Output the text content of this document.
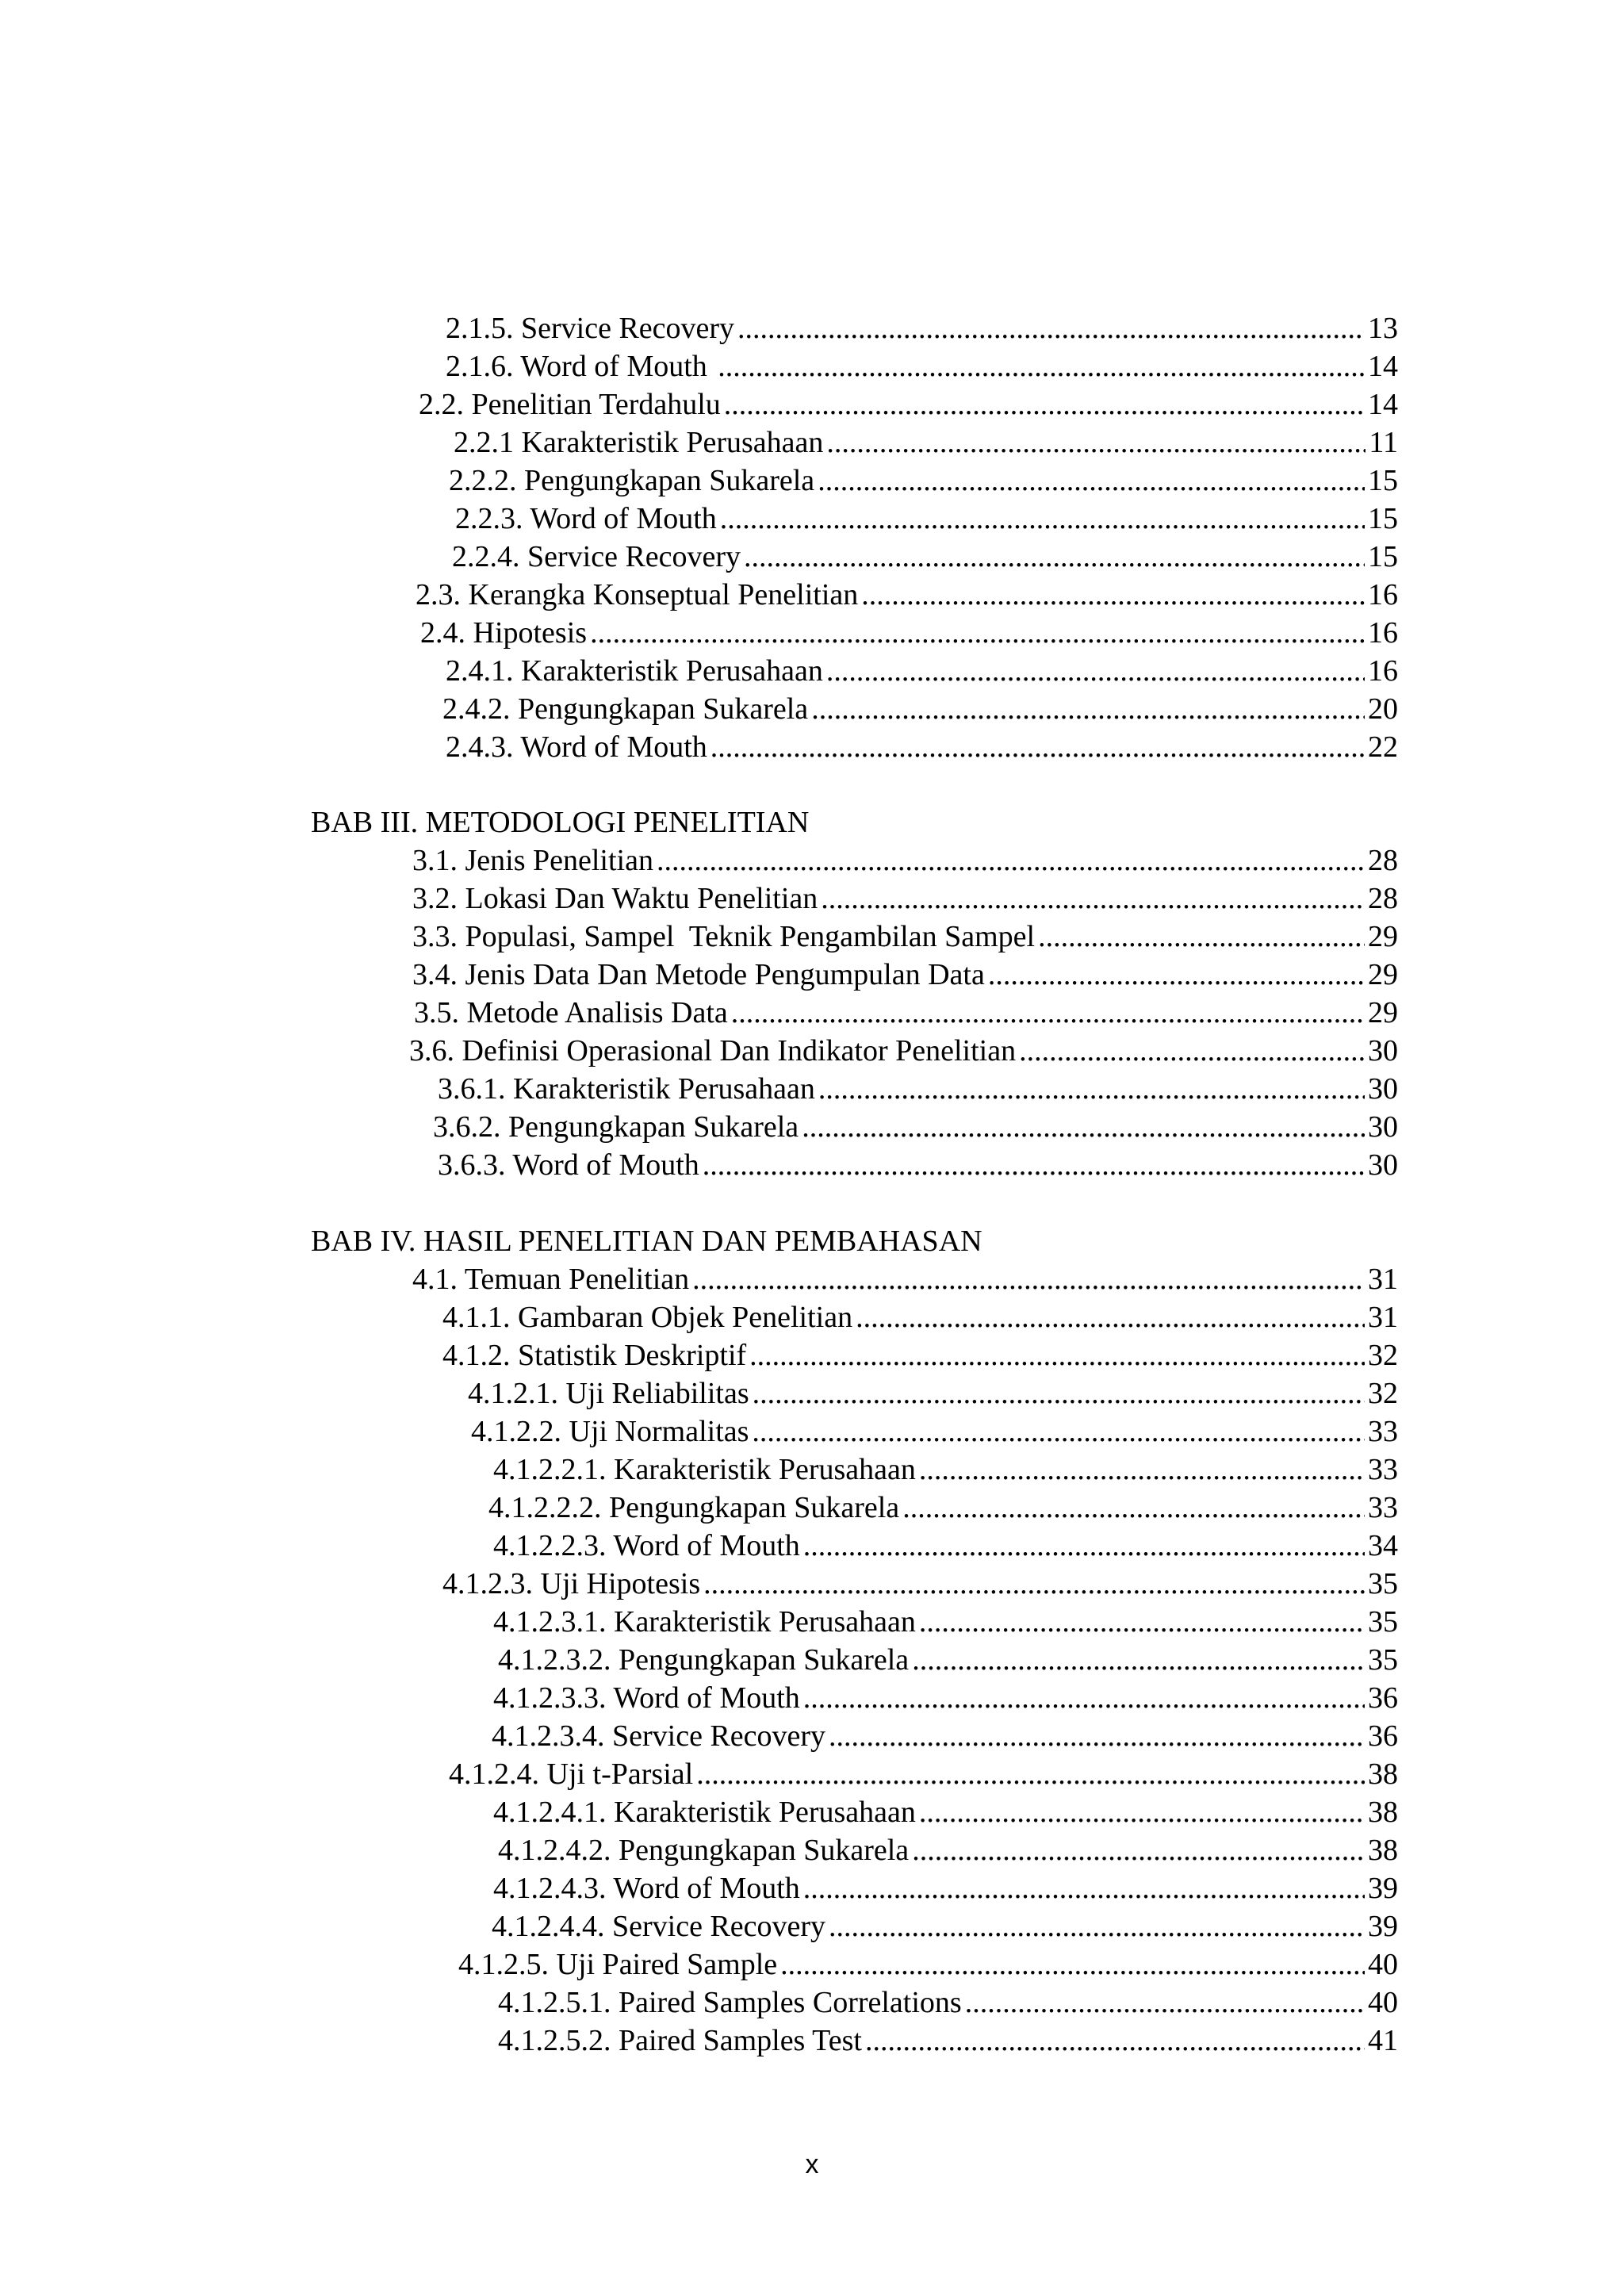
2.1.5. Service Recovery .....	13
2.1.6. Word of Mouth .....	14
2.2. Penelitian Terdahulu .....	14
2.2.1 Karakteristik Perusahaan .....	11
2.2.2. Pengungkapan Sukarela .....	15
2.2.3. Word of Mouth .....	15
2.2.4. Service Recovery .....	15
2.3. Kerangka Konseptual Penelitian .....	16
2.4. Hipotesis .....	16
2.4.1. Karakteristik Perusahaan .....	16
2.4.2. Pengungkapan Sukarela .....	20
2.4.3. Word of Mouth .....	22
BAB III. METODOLOGI PENELITIAN
3.1. Jenis Penelitian .....	28
3.2. Lokasi Dan Waktu Penelitian .....	28
3.3. Populasi, Sampel  Teknik Pengambilan Sampel .....	29
3.4. Jenis Data Dan Metode Pengumpulan Data .....	29
3.5. Metode Analisis Data .....	29
3.6. Definisi Operasional Dan Indikator Penelitian .....	30
3.6.1. Karakteristik Perusahaan .....	30
3.6.2. Pengungkapan Sukarela .....	30
3.6.3. Word of Mouth .....	30
BAB IV. HASIL PENELITIAN DAN PEMBAHASAN
4.1. Temuan Penelitian .....	31
4.1.1. Gambaran Objek Penelitian .....	31
4.1.2. Statistik Deskriptif .....	32
4.1.2.1. Uji Reliabilitas .....	32
4.1.2.2. Uji Normalitas .....	33
4.1.2.2.1. Karakteristik Perusahaan .....	33
4.1.2.2.2. Pengungkapan Sukarela .....	33
4.1.2.2.3. Word of Mouth .....	34
4.1.2.3. Uji Hipotesis .....	35
4.1.2.3.1. Karakteristik Perusahaan .....	35
4.1.2.3.2. Pengungkapan Sukarela .....	35
4.1.2.3.3. Word of Mouth .....	36
4.1.2.3.4. Service Recovery .....	36
4.1.2.4. Uji t-Parsial .....	38
4.1.2.4.1. Karakteristik Perusahaan .....	38
4.1.2.4.2. Pengungkapan Sukarela .....	38
4.1.2.4.3. Word of Mouth .....	39
4.1.2.4.4. Service Recovery .....	39
4.1.2.5. Uji Paired Sample .....	40
4.1.2.5.1. Paired Samples Correlations .....	40
4.1.2.5.2. Paired Samples Test .....	41
x
